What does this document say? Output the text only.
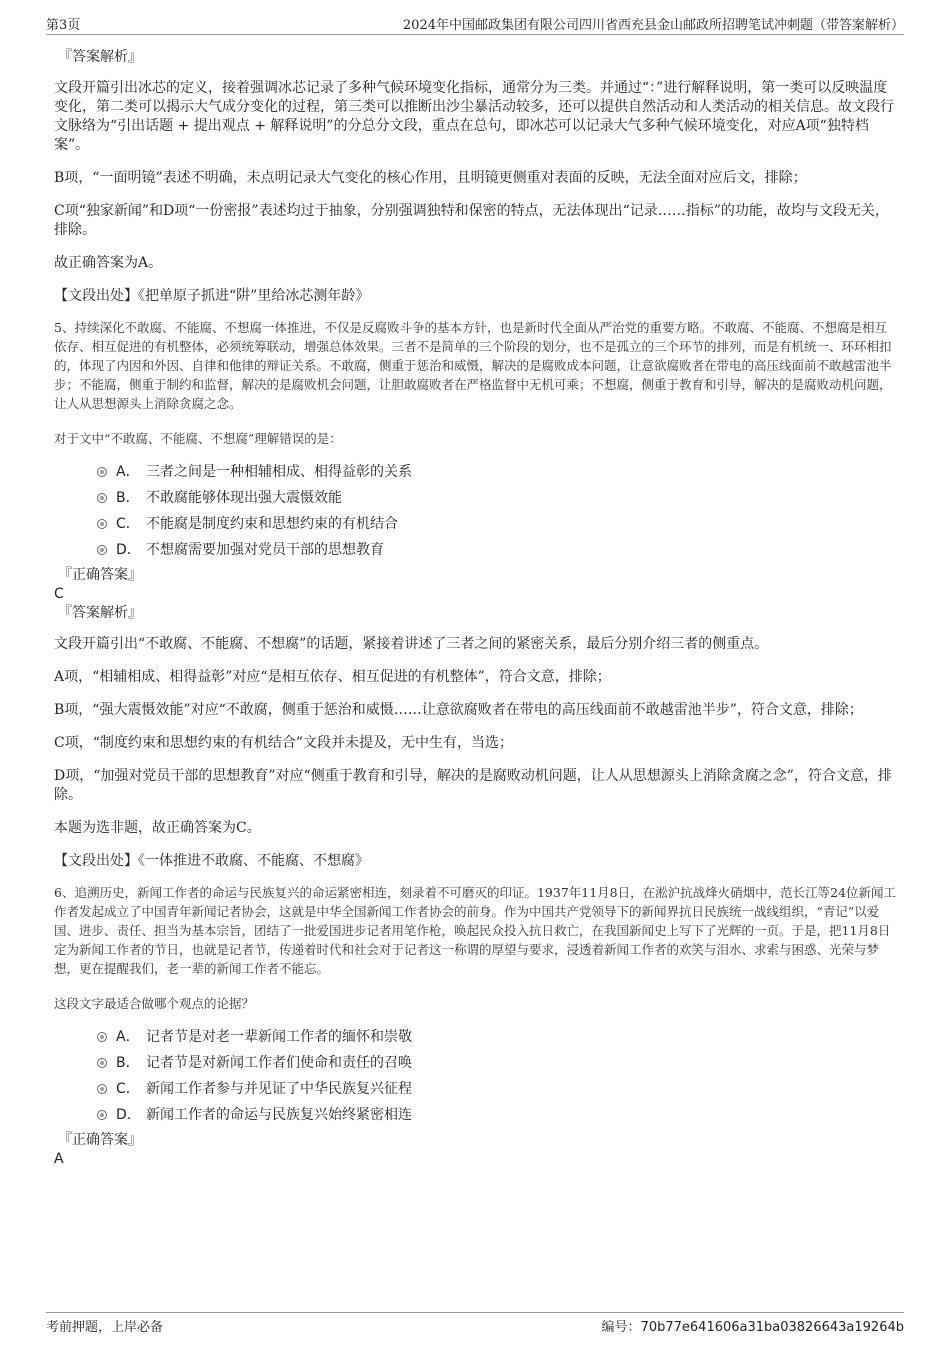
第3页	2024年中国邮政集团有限公司四川省西充县金山邮政所招聘笔试冲刺题（带答案解析）
『答案解析』
文段开篇引出冰芯的定义，接着强调冰芯记录了多种气候环境变化指标，通常分为三类。并通过“：”进行解释说明，第一类可以反映温度变化，第二类可以揭示大气成分变化的过程，第三类可以推断出沙尘暴活动较多，还可以提供自然活动和人类活动的相关信息。故文段行文脉络为“引出话题 + 提出观点 + 解释说明”的分总分文段，重点在总句，即冰芯可以记录大气多种气候环境变化，对应A项“独特档案”。
B项，“一面明镜”表述不明确，未点明记录大气变化的核心作用，且明镜更侧重对表面的反映，无法全面对应后文，排除；
C项“独家新闻”和D项“一份密报”表述均过于抽象，分别强调独特和保密的特点，无法体现出“记录……指标”的功能，故均与文段无关，排除。
故正确答案为A。
【文段出处】《把单原子抓进“阱”里给冰芯测年龄》
5、持续深化不敢腐、不能腐、不想腐一体推进，不仅是反腐败斗争的基本方针，也是新时代全面从严治党的重要方略。不敢腐、不能腐、不想腐是相互依存、相互促进的有机整体，必须统筹联动，增强总体效果。三者不是简单的三个阶段的划分，也不是孤立的三个环节的排列，而是有机统一、环环相扣的，体现了内因和外因、自律和他律的辩证关系。不敢腐，侧重于惩治和威慑，解决的是腐败成本问题，让意欲腐败者在带电的高压线面前不敢越雷池半步；不能腐，侧重于制约和监督，解决的是腐败机会问题，让胆敢腐败者在严格监督中无机可乘；不想腐，侧重于教育和引导，解决的是腐败动机问题，让人从思想源头上消除贪腐之念。
对于文中“不敢腐、不能腐、不想腐”理解错误的是：
A． 三者之间是一种相辅相成、相得益彰的关系
B． 不敢腐能够体现出强大震慑效能
C． 不能腐是制度约束和思想约束的有机结合
D． 不想腐需要加强对党员干部的思想教育
『正确答案』
C
『答案解析』
文段开篇引出“不敢腐、不能腐、不想腐”的话题，紧接着讲述了三者之间的紧密关系，最后分别介绍三者的侧重点。
A项，“相辅相成、相得益彰”对应“是相互依存、相互促进的有机整体”，符合文意，排除；
B项，“强大震慑效能”对应“不敢腐，侧重于惩治和威慑……让意欲腐败者在带电的高压线面前不敢越雷池半步”，符合文意，排除；
C项，“制度约束和思想约束的有机结合”文段并未提及，无中生有，当选；
D项，“加强对党员干部的思想教育”对应“侧重于教育和引导，解决的是腐败动机问题，让人从思想源头上消除贪腐之念”，符合文意，排除。
本题为选非题，故正确答案为C。
【文段出处】《一体推进不敢腐、不能腐、不想腐》
6、追溯历史，新闻工作者的命运与民族复兴的命运紧密相连，刻录着不可磨灭的印证。1937年11月8日，在淞沪抗战烽火硝烟中，范长江等24位新闻工作者发起成立了中国青年新闻记者协会，这就是中华全国新闻工作者协会的前身。作为中国共产党领导下的新闻界抗日民族统一战线组织，“青记”以爱国、进步、责任、担当为基本宗旨，团结了一批爱国进步记者用笔作枪，唤起民众投入抗日救亡，在我国新闻史上写下了光辉的一页。于是，把11月8日定为新闻工作者的节日，也就是记者节，传递着时代和社会对于记者这一称谓的厚望与要求，浸透着新闻工作者的欢笑与泪水、求索与困惑、光荣与梦想，更在提醒我们，老一辈的新闻工作者不能忘。
这段文字最适合做哪个观点的论据？
A． 记者节是对老一辈新闻工作者的缅怀和崇敬
B． 记者节是对新闻工作者们使命和责任的召唤
C． 新闻工作者参与并见证了中华民族复兴征程
D． 新闻工作者的命运与民族复兴始终紧密相连
『正确答案』
A
考前押题，上岸必备	编号：70b77e641606a31ba03826643a19264b
